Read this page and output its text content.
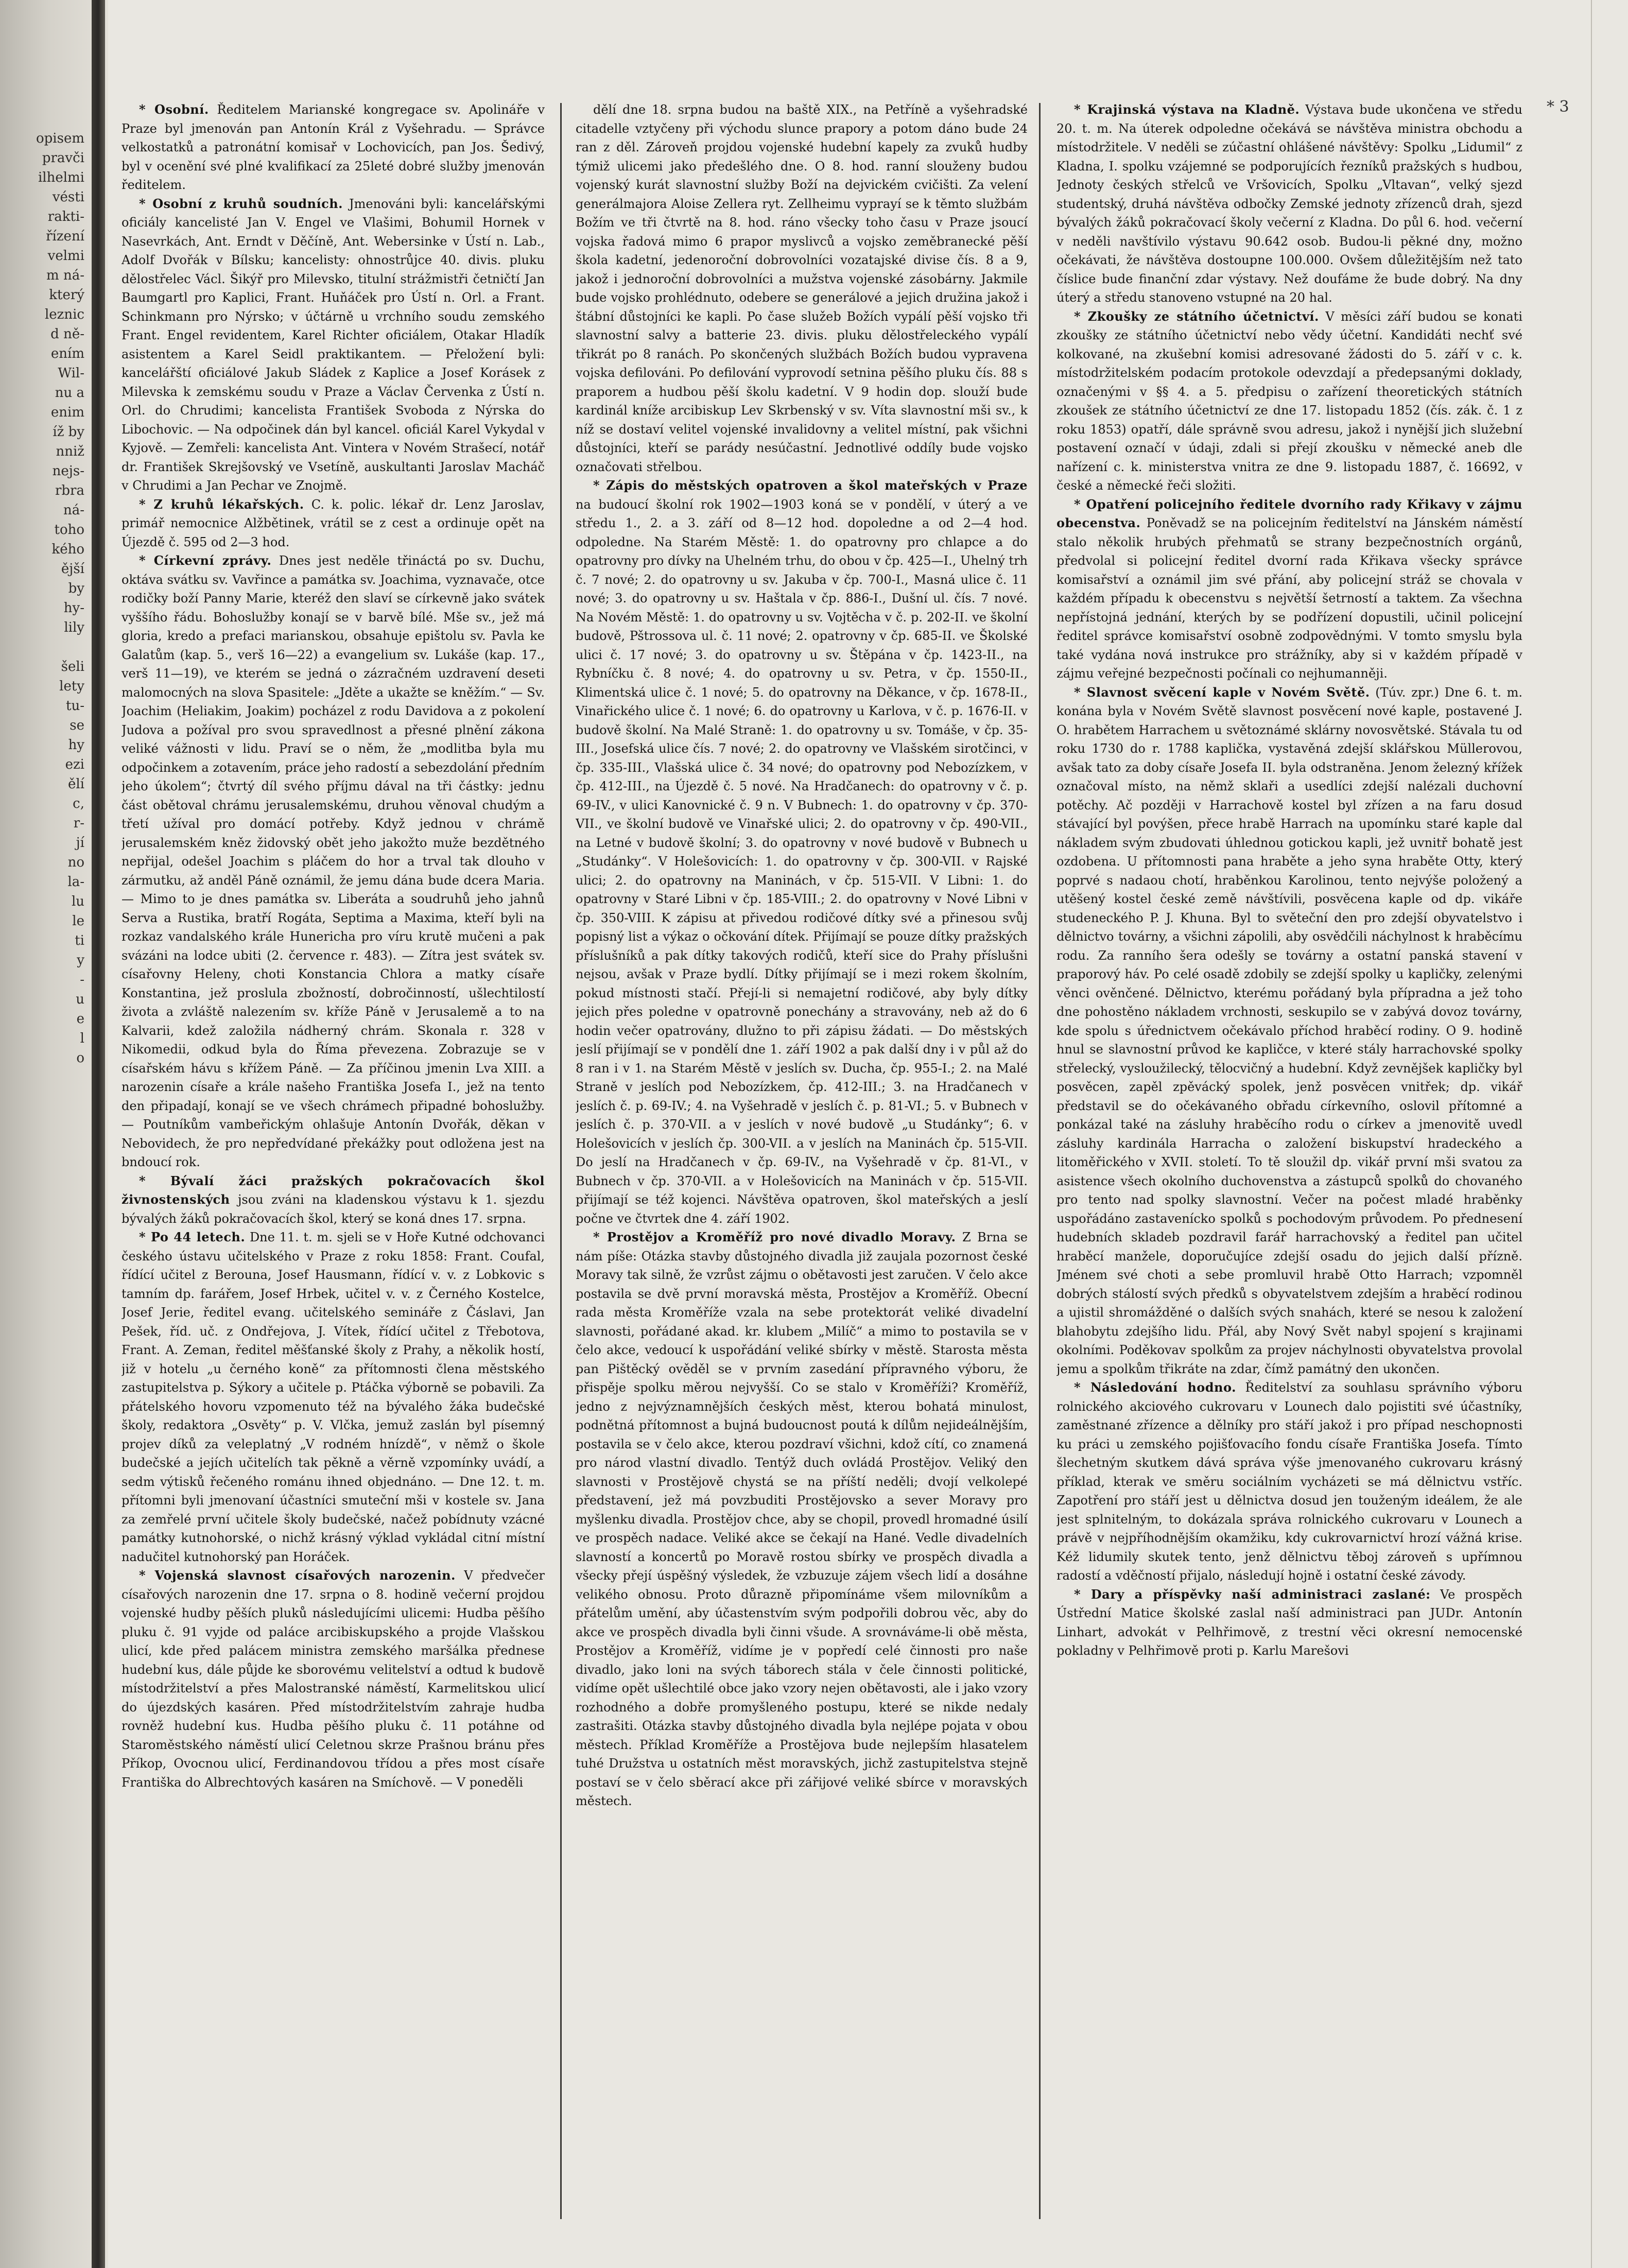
opisem
pravči
ilhelmi
vésti
rakti-
řízení
velmi
m ná-
který
leznic
d ně-
ením
Wil-
nu a
enim
íž by
nniž
nejs-
rbra
ná-
toho
kého
ější
by
hy-
lily

šeli
lety
tu-
se
hy
ezi
ělí
c,
r-
jí
no
la-
lu
le
ti
y
-
u
e
l
o

* 3

* Osobní. Ředitelem Marianské kongregace sv. Apolináře v Praze byl jmenován pan Antonín Král z Vyšehradu. — Správce velkostatků a patronátní komisař v Lochovicích, pan Jos. Šedivý, byl v ocenění své plné kvalifikací za 25leté dobré služby jmenován ředitelem.

* Osobní z kruhů soudních. Jmenováni byli: kancelářskými oficiály kancelisté Jan V. Engel ve Vlašimi, Bohumil Hornek v Nasevrkách, Ant. Erndt v Děčíně, Ant. Webersinke v Ústí n. Lab., Adolf Dvořák v Bílsku; kancelisty: ohnostrůjce 40. divis. pluku dělostřelec Václ. Šikýř pro Milevsko, titulní strážmistři četničtí Jan Baumgartl pro Kaplici, Frant. Huňáček pro Ústí n. Orl. a Frant. Schinkmann pro Nýrsko; v účtárně u vrchního soudu zemského Frant. Engel revidentem, Karel Richter oficiálem, Otakar Hladík asistentem a Karel Seidl praktikantem. — Přeložení byli: kancelářští oficiálové Jakub Sládek z Kaplice a Josef Korásek z Milevska k zemskému soudu v Praze a Václav Červenka z Ústí n. Orl. do Chrudimi; kancelista František Svoboda z Nýrska do Libochovic. — Na odpočinek dán byl kancel. oficiál Karel Vykydal v Kyjově. — Zemřeli: kancelista Ant. Vintera v Novém Strašecí, notář dr. František Skrejšovský ve Vsetíně, auskultanti Jaroslav Macháč v Chrudimi a Jan Pechar ve Znojmě.

* Z kruhů lékařských. C. k. polic. lékař dr. Lenz Jaroslav, primář nemocnice Alžbětinek, vrátil se z cest a ordinuje opět na Újezdě č. 595 od 2—3 hod.

* Církevní zprávy. Dnes jest neděle třináctá po sv. Duchu, oktáva svátku sv. Vavřince a památka sv. Joachima, vyznavače, otce rodičky boží Panny Marie, kteréž den slaví se církevně jako svátek vyššího řádu. Bohoslužby konají se v barvě bílé. Mše sv., jež má gloria, kredo a prefaci marianskou, obsahuje epištolu sv. Pavla ke Galatům (kap. 5., verš 16—22) a evangelium sv. Lukáše (kap. 17., verš 11—19), ve kterém se jedná o zázračném uzdravení deseti malomocných na slova Spasitele: „Jděte a ukažte se kněžím.“ — Sv. Joachim (Heliakim, Joakim) pocházel z rodu Davidova a z pokolení Judova a požíval pro svou spravedlnost a přesné plnění zákona veliké vážnosti v lidu. Praví se o něm, že „modlitba byla mu odpočinkem a zotavením, práce jeho radostí a sebezdolání předním jeho úkolem“; čtvrtý díl svého příjmu dával na tři částky: jednu část obětoval chrámu jerusalemskému, druhou věnoval chudým a třetí užíval pro domácí potřeby. Když jednou v chrámě jerusalemském kněz židovský obět jeho jakožto muže bezdětného nepřijal, odešel Joachim s pláčem do hor a trval tak dlouho v zármutku, až anděl Páně oznámil, že jemu dána bude dcera Maria. — Mimo to je dnes památka sv. Liberáta a soudruhů jeho jahnů Serva a Rustika, bratří Rogáta, Septima a Maxima, kteří byli na rozkaz vandalského krále Hunericha pro víru krutě mučeni a pak svázáni na lodce ubiti (2. července r. 483). — Zítra jest svátek sv. císařovny Heleny, choti Konstancia Chlora a matky císaře Konstantina, jež proslula zbožností, dobročinností, ušlechtilostí života a zvláště nalezením sv. kříže Páně v Jerusalemě a to na Kalvarii, kdež založila nádherný chrám. Skonala r. 328 v Nikomedii, odkud byla do Říma převezena. Zobrazuje se v císařském hávu s křížem Páně. — Za příčinou jmenin Lva XIII. a narozenin císaře a krále našeho Františka Josefa I., jež na tento den připadají, konají se ve všech chrámech připadné bohoslužby. — Poutníkům vambeřickým ohlašuje Antonín Dvořák, děkan v Nebovidech, že pro nepředvídané překážky pout odložena jest na bndoucí rok.

* Bývalí žáci pražských pokračovacích škol živnostenských jsou zváni na kladenskou výstavu k 1. sjezdu bývalých žáků pokračovacích škol, který se koná dnes 17. srpna.

* Po 44 letech. Dne 11. t. m. sjeli se v Hoře Kutné odchovanci českého ústavu učitelského v Praze z roku 1858: Frant. Coufal, řídící učitel z Berouna, Josef Hausmann, řídící v. v. z Lobkovic s tamním dp. farářem, Josef Hrbek, učitel v. v. z Černého Kostelce, Josef Jerie, ředitel evang. učitelského semináře z Čáslavi, Jan Pešek, říd. uč. z Ondřejova, J. Vítek, řídící učitel z Třebotova, Frant. A. Zeman, ředitel měšťanské školy z Prahy, a několik hostí, již v hotelu „u černého koně“ za přítomnosti člena městského zastupitelstva p. Sýkory a učitele p. Ptáčka výborně se pobavili. Za přátelského hovoru vzpomenuto též na bývalého žáka budečské školy, redaktora „Osvěty“ p. V. Vlčka, jemuž zaslán byl písemný projev díků za veleplatný „V rodném hnízdě“, v němž o škole budečské a jejích učitelích tak pěkně a věrně vzpomínky uvádí, a sedm výtisků řečeného románu ihned objednáno. — Dne 12. t. m. přítomni byli jmenovaní účastníci smuteční mši v kostele sv. Jana za zemřelé první učitele školy budečské, načež pobídnuty vzácné památky kutnohorské, o nichž krásný výklad vykládal citní místní nadučitel kutnohorský pan Horáček.

* Vojenská slavnost císařových narozenin. V předvečer císařových narozenin dne 17. srpna o 8. hodině večerní projdou vojenské hudby pěších pluků následujícími ulicemi: Hudba pěšího pluku č. 91 vyjde od paláce arcibiskupského a projde Vlašskou ulicí, kde před palácem ministra zemského maršálka přednese hudební kus, dále půjde ke sborovému velitelství a odtud k budově místodržitelství a přes Malostranské náměstí, Karmelitskou ulicí do újezdských kasáren. Před místodržitelstvím zahraje hudba rovněž hudební kus. Hudba pěšího pluku č. 11 potáhne od Staroměstského náměstí ulicí Celetnou skrze Prašnou bránu přes Příkop, Ovocnou ulicí, Ferdinandovou třídou a přes most císaře Františka do Albrechtových kasáren na Smíchově. — V poneděli

dělí dne 18. srpna budou na baště XIX., na Petříně a vyšehradské citadelle vztyčeny při východu slunce prapory a potom dáno bude 24 ran z děl. Zároveň projdou vojenské hudební kapely za zvuků hudby týmiž ulicemi jako předešlého dne. O 8. hod. ranní slouženy budou vojenský kurát slavnostní služby Boží na dejvickém cvičišti. Za velení generálmajora Aloise Zellera ryt. Zellheimu vyprayí se k těmto službám Božím ve tři čtvrtě na 8. hod. ráno všecky toho času v Praze jsoucí vojska řadová mimo 6 prapor myslivců a vojsko zeměbranecké pěší škola kadetní, jedenoroční dobrovolníci vozatajské divise čís. 8 a 9, jakož i jednoroční dobrovolníci a mužstva vojenské zásobárny. Jakmile bude vojsko prohlédnuto, odebere se generálové a jejich družina jakož i štábní důstojníci ke kapli. Po čase služeb Božích vypálí pěší vojsko tři slavnostní salvy a batterie 23. divis. pluku dělostřeleckého vypálí třikrát po 8 ranách. Po skončených službách Božích budou vypravena vojska defilováni. Po defilování vyprovodí setnina pěšího pluku čís. 88 s praporem a hudbou pěší školu kadetní. V 9 hodin dop. slouží bude kardinál kníže arcibiskup Lev Skrbenský v sv. Víta slavnostní mši sv., k níž se dostaví velitel vojenské invalidovny a velitel místní, pak všichni důstojníci, kteří se parády nesúčastní. Jednotlivé oddíly bude vojsko označovati střelbou.

* Zápis do městských opatroven a škol mateřských v Praze na budoucí školní rok 1902—1903 koná se v pondělí, v úterý a ve středu 1., 2. a 3. září od 8—12 hod. dopoledne a od 2—4 hod. odpoledne. Na Starém Městě: 1. do opatrovny pro chlapce a do opatrovny pro dívky na Uhelném trhu, do obou v čp. 425—I., Uhelný trh č. 7 nové; 2. do opatrovny u sv. Jakuba v čp. 700-I., Masná ulice č. 11 nové; 3. do opatrovny u sv. Haštala v čp. 886-I., Dušní ul. čís. 7 nové. Na Novém Městě: 1. do opatrovny u sv. Vojtěcha v č. p. 202-II. ve školní budově, Pštrossova ul. č. 11 nové; 2. opatrovny v čp. 685-II. ve Školské ulici č. 17 nové; 3. do opatrovny u sv. Štěpána v čp. 1423-II., na Rybníčku č. 8 nové; 4. do opatrovny u sv. Petra, v čp. 1550-II., Klimentská ulice č. 1 nové; 5. do opatrovny na Děkance, v čp. 1678-II., Vinařického ulice č. 1 nové; 6. do opatrovny u Karlova, v č. p. 1676-II. v budově školní. Na Malé Straně: 1. do opatrovny u sv. Tomáše, v čp. 35-III., Josefská ulice čís. 7 nové; 2. do opatrovny ve Vlašském sirotčinci, v čp. 335-III., Vlašská ulice č. 34 nové; do opatrovny pod Nebozízkem, v čp. 412-III., na Újezdě č. 5 nové. Na Hradčanech: do opatrovny v č. p. 69-IV., v ulici Kanovnické č. 9 n. V Bubnech: 1. do opatrovny v čp. 370-VII., ve školní budově ve Vinařské ulici; 2. do opatrovny v čp. 490-VII., na Letné v budově školní; 3. do opatrovny v nové budově v Bubnech u „Studánky“. V Holešovicích: 1. do opatrovny v čp. 300-VII. v Rajské ulici; 2. do opatrovny na Maninách, v čp. 515-VII. V Libni: 1. do opatrovny v Staré Libni v čp. 185-VIII.; 2. do opatrovny v Nové Libni v čp. 350-VIII. K zápisu at přivedou rodičové dítky své a přinesou svůj popisný list a výkaz o očkování dítek. Přijímají se pouze dítky pražských příslušníků a pak dítky takových rodičů, kteří sice do Prahy příslušni nejsou, avšak v Praze bydlí. Dítky přijímají se i mezi rokem školním, pokud místnosti stačí. Přejí-li si nemajetní rodičové, aby byly dítky jejich přes poledne v opatrovně ponechány a stravovány, neb až do 6 hodin večer opatrovány, dlužno to při zápisu žádati. — Do městských jeslí přijímají se v pondělí dne 1. září 1902 a pak další dny i v půl až do 8 ran i v 1. na Starém Městě v jeslích sv. Ducha, čp. 955-I.; 2. na Malé Straně v jeslích pod Nebozízkem, čp. 412-III.; 3. na Hradčanech v jeslích č. p. 69-IV.; 4. na Vyšehradě v jeslích č. p. 81-VI.; 5. v Bubnech v jeslích č. p. 370-VII. a v jeslích v nové budově „u Studánky“; 6. v Holešovicích v jeslích čp. 300-VII. a v jeslích na Maninách čp. 515-VII. Do jeslí na Hradčanech v čp. 69-IV., na Vyšehradě v čp. 81-VI., v Bubnech v čp. 370-VII. a v Holešovicích na Maninách v čp. 515-VII. přijímají se též kojenci. Návštěva opatroven, škol mateřských a jeslí počne ve čtvrtek dne 4. září 1902.

* Prostějov a Kroměříž pro nové divadlo Moravy. Z Brna se nám píše: Otázka stavby důstojného divadla již zaujala pozornost české Moravy tak silně, že vzrůst zájmu o obětavosti jest zaručen. V čelo akce postavila se dvě první moravská města, Prostějov a Kroměříž. Obecní rada města Kroměříže vzala na sebe protektorát veliké divadelní slavnosti, pořádané akad. kr. klubem „Milíč“ a mimo to postavila se v čelo akce, vedoucí k uspořádání veliké sbírky v městě. Starosta města pan Pištěcký ověděl se v prvním zasedání přípravného výboru, že přispěje spolku měrou nejvyšší. Co se stalo v Kroměříži? Kroměříž, jedno z nejvýznamnějších českých měst, kterou bohatá minulost, podnětná přítomnost a bujná budoucnost poutá k dílům nejideálnějším, postavila se v čelo akce, kterou pozdraví všichni, kdož cítí, co znamená pro národ vlastní divadlo. Tentýž duch ovládá Prostějov. Veliký den slavnosti v Prostějově chystá se na příští neděli; dvojí velkolepé představení, jež má povzbuditi Prostějovsko a sever Moravy pro myšlenku divadla. Prostějov chce, aby se chopil, provedl hromadné úsilí ve prospěch nadace. Veliké akce se čekají na Hané. Vedle divadelních slavností a koncertů po Moravě rostou sbírky ve prospěch divadla a všecky přejí úspěšný výsledek, že vzbuzuje zájem všech lidí a dosáhne velikého obnosu. Proto důrazně připomínáme všem milovníkům a přátelům umění, aby účastenstvím svým podpořili dobrou věc, aby do akce ve prospěch divadla byli činni všude. A srovnáváme-li obě města, Prostějov a Kroměříž, vidíme je v popředí celé činnosti pro naše divadlo, jako loni na svých táborech stála v čele činnosti politické, vidíme opět ušlechtilé obce jako vzory nejen obětavosti, ale i jako vzory rozhodného a dobře promyšleného postupu, které se nikde nedaly zastrašiti. Otázka stavby důstojného divadla byla nejlépe pojata v obou městech. Příklad Kroměříže a Prostějova bude nejlepším hlasatelem tuhé Družstva u ostatních měst moravských, jichž zastupitelstva stejně postaví se v čelo sběrací akce při zářijové veliké sbírce v moravských městech.

* Krajinská výstava na Kladně. Výstava bude ukončena ve středu 20. t. m. Na úterek odpoledne očekává se návštěva ministra obchodu a místodržitele. V neděli se zúčastní ohlášené návštěvy: Spolku „Lidumil“ z Kladna, I. spolku vzájemné se podporujících řezníků pražských s hudbou, Jednoty českých střelců ve Vršovicích, Spolku „Vltavan“, velký sjezd studentský, druhá návštěva odbočky Zemské jednoty zřízenců drah, sjezd bývalých žáků pokračovací školy večerní z Kladna. Do půl 6. hod. večerní v neděli navštívilo výstavu 90.642 osob. Budou-li pěkné dny, možno očekávati, že návštěva dostoupne 100.000. Ovšem důležitějším než tato číslice bude finanční zdar výstavy. Než doufáme že bude dobrý. Na dny úterý a středu stanoveno vstupné na 20 hal.

* Zkoušky ze státního účetnictví. V měsíci září budou se konati zkoušky ze státního účetnictví nebo vědy účetní. Kandidáti nechť své kolkované, na zkušební komisi adresované žádosti do 5. září v c. k. místodržitelském podacím protokole odevzdají a předepsanými doklady, označenými v §§ 4. a 5. předpisu o zařízení theoretických státních zkoušek ze státního účetnictví ze dne 17. listopadu 1852 (čís. zák. č. 1 z roku 1853) opatří, dále správně svou adresu, jakož i nynější jich služební postavení označí v údaji, zdali si přejí zkoušku v německé aneb dle nařízení c. k. ministerstva vnitra ze dne 9. listopadu 1887, č. 16692, v české a německé řeči složiti.

* Opatření policejního ředitele dvorního rady Křikavy v zájmu obecenstva. Poněvadž se na policejním ředitelství na Jánském náměstí stalo několik hrubých přehmatů se strany bezpečnostních orgánů, předvolal si policejní ředitel dvorní rada Křikava všecky správce komisařství a oznámil jim své přání, aby policejní stráž se chovala v každém případu k obecenstvu s největší šetrností a taktem. Za všechna nepřístojná jednání, kterých by se podřízení dopustili, učinil policejní ředitel správce komisařství osobně zodpovědnými. V tomto smyslu byla také vydána nová instrukce pro strážníky, aby si v každém případě v zájmu veřejné bezpečnosti počínali co nejhumanněji.

* Slavnost svěcení kaple v Novém Světě. (Túv. zpr.) Dne 6. t. m. konána byla v Novém Světě slavnost posvěcení nové kaple, postavené J. O. hrabětem Harrachem u světoznámé sklárny novosvětské. Stávala tu od roku 1730 do r. 1788 kaplička, vystavěná zdejší sklářskou Müllerovou, avšak tato za doby císaře Josefa II. byla odstraněna. Jenom železný křížek označoval místo, na němž sklaři a usedlíci zdejší nalézali duchovní potěchy. Ač později v Harrachově kostel byl zřízen a na faru dosud stávající byl povýšen, přece hrabě Harrach na upomínku staré kaple dal nákladem svým zbudovati úhlednou gotickou kapli, jež uvnitř bohatě jest ozdobena. U přítomnosti pana hraběte a jeho syna hraběte Otty, který poprvé s nadaou chotí, hraběnkou Karolinou, tento nejvýše položený a utěšený kostel české země návštívili, posvěcena kaple od dp. vikáře studeneckého P. J. Khuna. Byl to světeční den pro zdejší obyvatelstvo i dělnictvo továrny, a všichni zápolili, aby osvědčili náchylnost k hraběcímu rodu. Za ranního šera odešly se továrny a ostatní panská stavení v praporový háv. Po celé osadě zdobily se zdejší spolky u kapličky, zelenými věnci ověnčené. Dělnictvo, kterému pořádaný byla přípradna a jež toho dne pohostěno nákladem vrchnosti, seskupilo se v zabývá dovoz továrny, kde spolu s úřednictvem očekávalo příchod hraběcí rodiny. O 9. hodině hnul se slavnostní průvod ke kapličce, v které stály harrachovské spolky střelecký, vysloužilecký, tělocvičný a hudební. Když zevnějšek kapličky byl posvěcen, zapěl zpěvácký spolek, jenž posvěcen vnitřek; dp. vikář představil se do očekávaného obřadu církevního, oslovil přítomné a ponkázal také na zásluhy hraběcího rodu o církev a jmenovitě uvedl zásluhy kardinála Harracha o založení biskupství hradeckého a litoměřického v XVII. století. To tě sloužil dp. vikář první mši svatou za asistence všech okolního duchovenstva a zástupců spolků do chovaného pro tento nad spolky slavnostní. Večer na počest mladé hraběnky uspořádáno zastavenícko spolků s pochodovým průvodem. Po přednesení hudebních skladeb pozdravil farář harrachovský a ředitel pan učitel hraběcí manžele, doporučujíce zdejší osadu do jejich další přízně. Jménem své choti a sebe promluvil hrabě Otto Harrach; vzpomněl dobrých stálostí svých předků s obyvatelstvem zdejším a hraběcí rodinou a ujistil shromážděné o dalších svých snahách, které se nesou k založení blahobytu zdejšího lidu. Přál, aby Nový Svět nabyl spojení s krajinami okolními. Poděkovav spolkům za projev náchylnosti obyvatelstva provolal jemu a spolkům třikráte na zdar, čímž památný den ukončen.

* Následování hodno. Ředitelství za souhlasu správního výboru rolnického akciového cukrovaru v Lounech dalo pojistiti své účastníky, zaměstnané zřízence a dělníky pro stáří jakož i pro případ neschopnosti ku práci u zemského pojišťovacího fondu císaře Františka Josefa. Tímto šlechetným skutkem dává správa výše jmenovaného cukrovaru krásný příklad, kterak ve směru sociálním vycházeti se má dělnictvu vstříc. Zapotření pro stáří jest u dělnictva dosud jen touženým ideálem, že ale jest splnitelným, to dokázala správa rolnického cukrovaru v Lounech a právě v nejpříhodnějším okamžiku, kdy cukrovarnictví hrozí vážná krise. Kéž lidumily skutek tento, jenž dělnictvu těboj zároveň s upřímnou radostí a vděčností přijalo, následují hojně i ostatní české závody.

* Dary a příspěvky naší administraci zaslané: Ve prospěch Ústřední Matice školské zaslal naší administraci pan JUDr. Antonín Linhart, advokát v Pelhřimově, z trestní věci okresní nemocenské pokladny v Pelhřimově proti p. Karlu Marešovi
